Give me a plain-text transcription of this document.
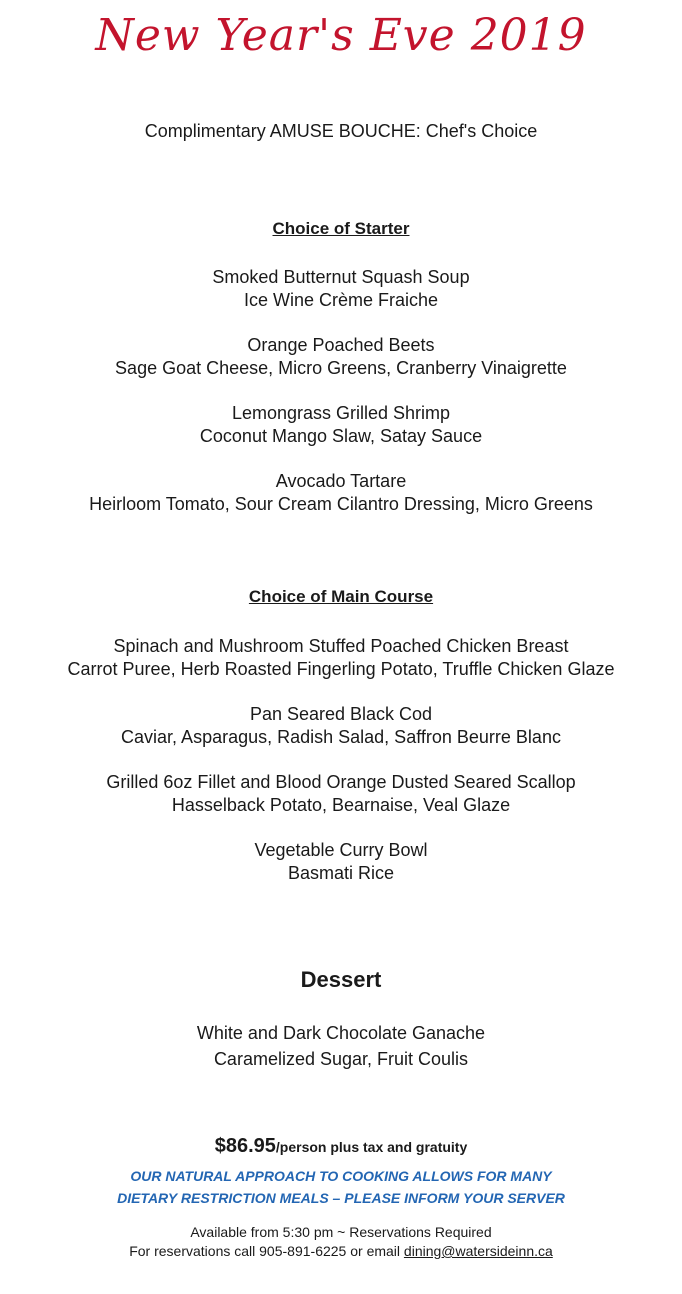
New Year's Eve 2019
Complimentary AMUSE BOUCHE: Chef's Choice
Choice of Starter
Smoked Butternut Squash Soup
Ice Wine Crème Fraiche
Orange Poached Beets
Sage Goat Cheese, Micro Greens, Cranberry Vinaigrette
Lemongrass Grilled Shrimp
Coconut Mango Slaw, Satay Sauce
Avocado Tartare
Heirloom Tomato, Sour Cream Cilantro Dressing, Micro Greens
Choice of Main Course
Spinach and Mushroom Stuffed Poached Chicken Breast
Carrot Puree, Herb Roasted Fingerling Potato, Truffle Chicken Glaze
Pan Seared Black Cod
Caviar, Asparagus, Radish Salad, Saffron Beurre Blanc
Grilled 6oz Fillet and Blood Orange Dusted Seared Scallop
Hasselback Potato, Bearnaise, Veal Glaze
Vegetable Curry Bowl
Basmati Rice
Dessert
White and Dark Chocolate Ganache
Caramelized Sugar, Fruit Coulis
$86.95/person plus tax and gratuity
OUR NATURAL APPROACH TO COOKING ALLOWS FOR MANY
DIETARY RESTRICTION MEALS – PLEASE INFORM YOUR SERVER
Available from 5:30 pm ~ Reservations Required
For reservations call 905-891-6225 or email dining@watersideinn.ca
